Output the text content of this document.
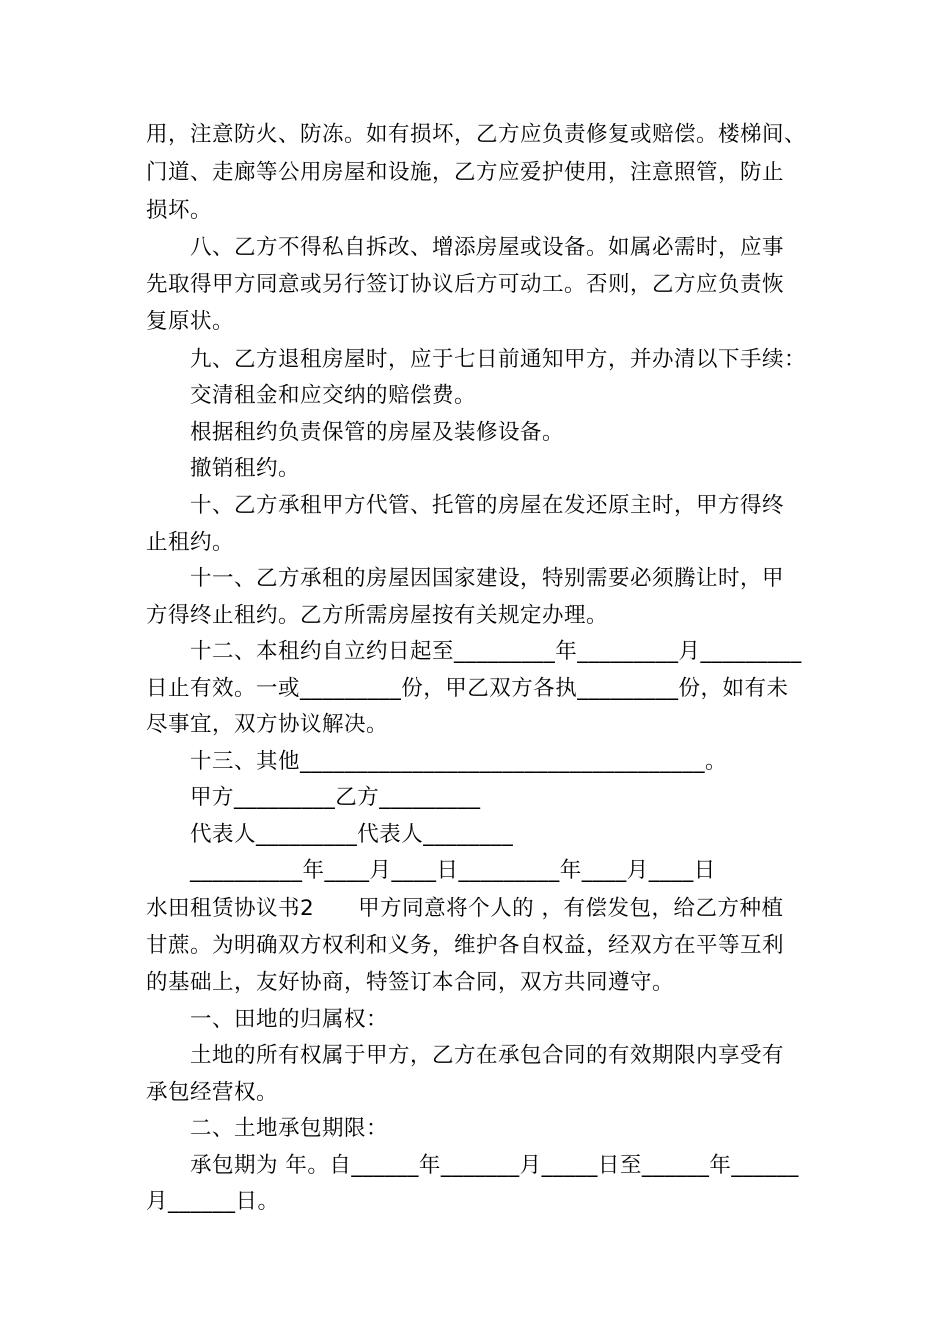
用，注意防火、防冻。如有损坏，乙方应负责修复或赔偿。楼梯间、
门道、走廊等公用房屋和设施，乙方应爱护使用，注意照管，防止
损坏。
八、乙方不得私自拆改、增添房屋或设备。如属必需时，应事
先取得甲方同意或另行签订协议后方可动工。否则，乙方应负责恢
复原状。
九、乙方退租房屋时，应于七日前通知甲方，并办清以下手续：
交清租金和应交纳的赔偿费。
根据租约负责保管的房屋及装修设备。
撤销租约。
十、乙方承租甲方代管、托管的房屋在发还原主时，甲方得终
止租约。
十一、乙方承租的房屋因国家建设，特别需要必须腾让时，甲
方得终止租约。乙方所需房屋按有关规定办理。
十二、本租约自立约日起至_________年_________月_________
日止有效。一或_________份，甲乙双方各执_________份，如有未
尽事宜，双方协议解决。
十三、其他____________________________________。
甲方_________乙方_________
代表人_________代表人________
__________年____月____日_________年____月____日
水田租赁协议书2　　甲方同意将个人的 ，有偿发包，给乙方种植
甘蔗。为明确双方权利和义务，维护各自权益，经双方在平等互利
的基础上，友好协商，特签订本合同，双方共同遵守。
一、田地的归属权：
土地的所有权属于甲方，乙方在承包合同的有效期限内享受有
承包经营权。
二、土地承包期限：
承包期为 年。自______年_______月_____日至______年______
月______日。
